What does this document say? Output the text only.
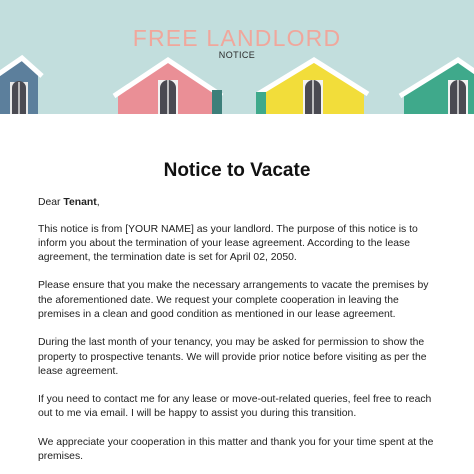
FREE LANDLORD
NOTICE
Notice to Vacate

Dear Tenant,

This notice is from [YOUR NAME] as your landlord. The purpose of this notice is to inform you about the termination of your lease agreement. According to the lease agreement, the termination date is set for April 02, 2050.

Please ensure that you make the necessary arrangements to vacate the premises by the aforementioned date. We request your complete cooperation in leaving the premises in a clean and good condition as mentioned in our lease agreement.

During the last month of your tenancy, you may be asked for permission to show the property to prospective tenants. We will provide prior notice before visiting as per the lease agreement.

If you need to contact me for any lease or move-out-related queries, feel free to reach out to me via email. I will be happy to assist you during this transition.

We appreciate your cooperation in this matter and thank you for your time spent at the premises.
